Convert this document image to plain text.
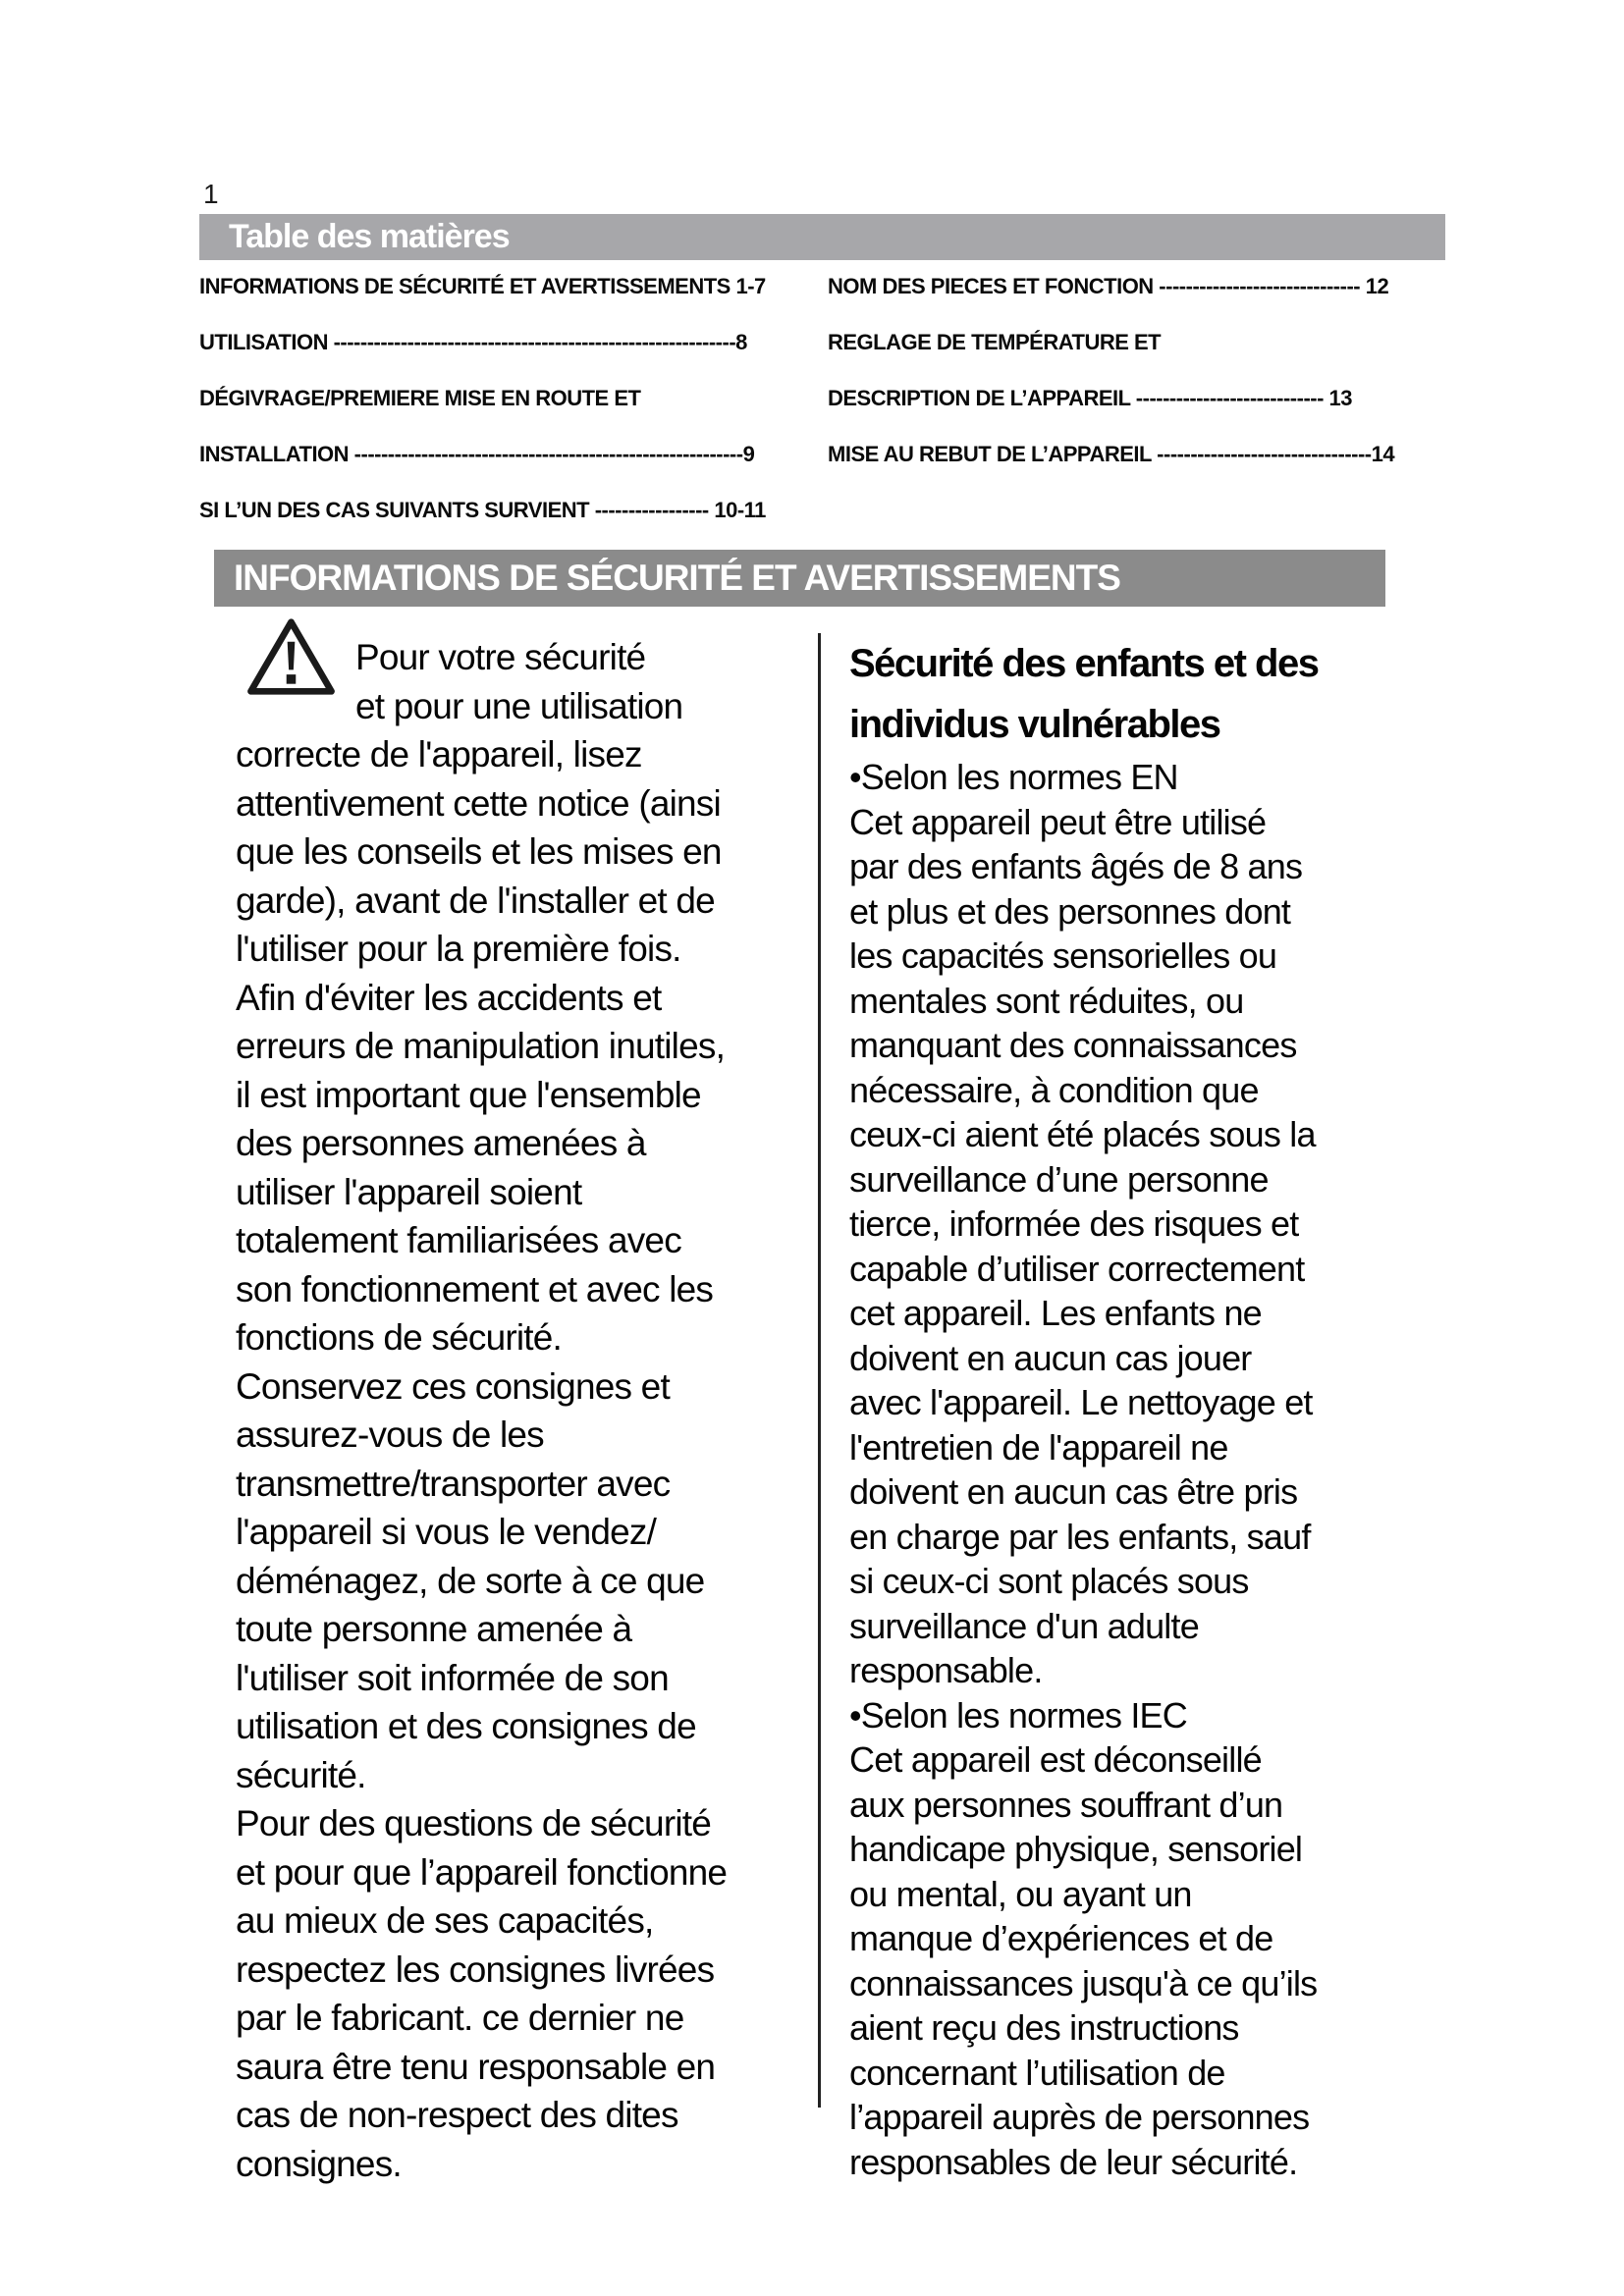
1
Table des matières
INFORMATIONS DE SÉCURITÉ ET AVERTISSEMENTS 1-7
UTILISATION ------------------------------------------------------------8
DÉGIVRAGE/PREMIERE MISE EN ROUTE ET
INSTALLATION ----------------------------------------------------------9
SI L’UN DES CAS SUIVANTS SURVIENT ----------------- 10-11
NOM DES PIECES ET FONCTION ------------------------------ 12
REGLAGE DE TEMPÉRATURE ET
DESCRIPTION DE L’APPAREIL ---------------------------- 13
MISE AU REBUT DE L’APPAREIL --------------------------------14
INFORMATIONS DE SÉCURITÉ ET AVERTISSEMENTS
Pour votre sécurité
et pour une utilisation
correcte de l'appareil, lisez
attentivement cette notice (ainsi
que les conseils et les mises en
garde), avant de l'installer et de
l'utiliser pour la première fois.
Afin d'éviter les accidents et
erreurs de manipulation inutiles,
il est important que l'ensemble
des personnes amenées à
utiliser l'appareil soient
totalement familiarisées avec
son fonctionnement et avec les
fonctions de sécurité.
Conservez ces consignes et
assurez-vous de les
transmettre/transporter avec
l'appareil si vous le vendez/
déménagez, de sorte à ce que
toute personne amenée à
l'utiliser soit informée de son
utilisation et des consignes de
sécurité.
Pour des questions de sécurité
et pour que l’appareil fonctionne
au mieux de ses capacités,
respectez les consignes livrées
par le fabricant. ce dernier ne
saura être tenu responsable en
cas de non-respect des dites
consignes.
Sécurité des enfants et des
individus vulnérables
•Selon les normes EN
Cet appareil peut être utilisé
par des enfants âgés de 8 ans
et plus et des personnes dont
les capacités sensorielles ou
mentales sont réduites, ou
manquant des connaissances
nécessaire, à condition que
ceux-ci aient été placés sous la
surveillance d’une personne
tierce, informée des risques et
capable d’utiliser correctement
cet appareil. Les enfants ne
doivent en aucun cas jouer
avec l'appareil. Le nettoyage et
l'entretien de l'appareil ne
doivent en aucun cas être pris
en charge par les enfants, sauf
si ceux-ci sont placés sous
surveillance d'un adulte
responsable.
•Selon les normes IEC
Cet appareil est déconseillé
aux personnes souffrant d’un
handicape physique, sensoriel
ou mental, ou ayant un
manque d’expériences et de
connaissances jusqu'à ce qu’ils
aient reçu des instructions
concernant l’utilisation de
l’appareil auprès de personnes
responsables de leur sécurité.
